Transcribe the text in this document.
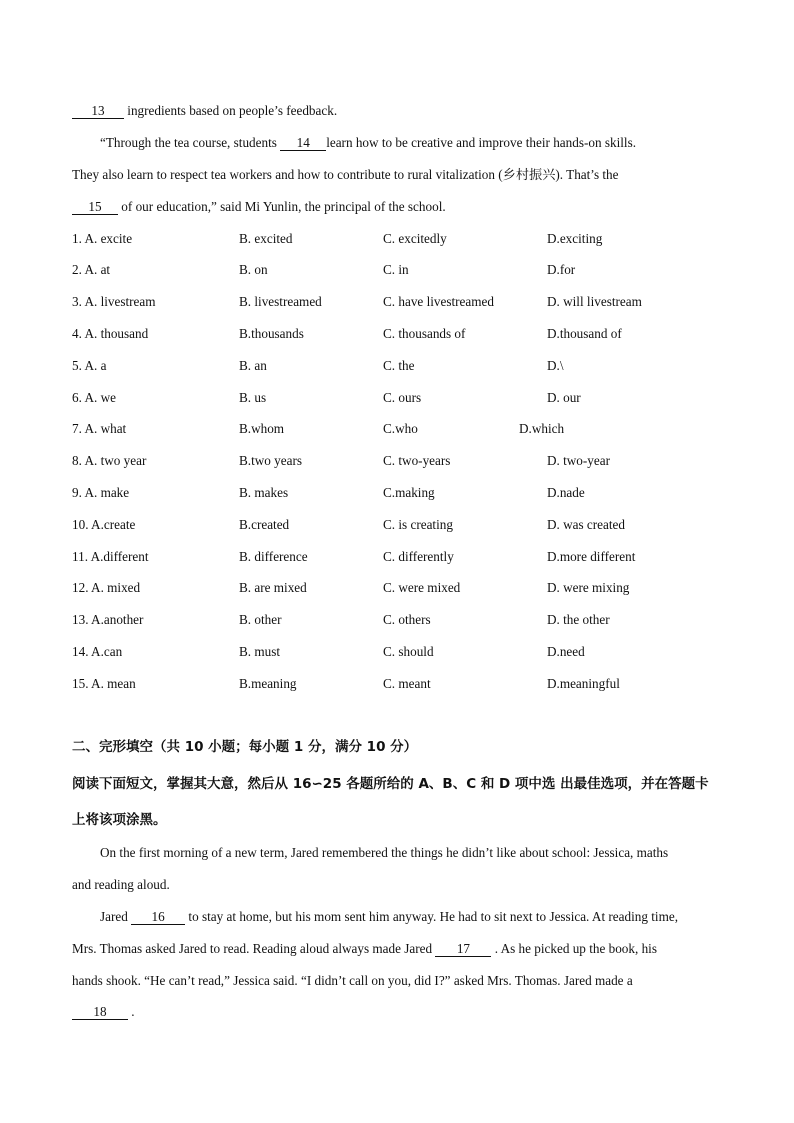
13 ingredients based on people’s feedback.
“Through the tea course, students 14 learn how to be creative and improve their hands-on skills.
They also learn to respect tea workers and how to contribute to rural vitalization (乡村振兴). That’s the
15 of our education,” said Mi Yunlin, the principal of the school.
1. A. excite	B. excited	C. excitedly	D.exciting
2. A. at	B. on	C. in	D.for
3. A. livestream	B. livestreamed	C. have livestreamed	D. will livestream
4. A. thousand	B.thousands	C. thousands of	D.thousand of
5. A. a	B. an	C. the	D.\
6. A. we	B. us	C. ours	D. our
7. A. what	B.whom	C.who	D.which
8. A. two year	B.two years	C. two-years	D. two-year
9. A. make	B. makes	C.making	D.nade
10. A.create	B.created	C. is creating	D. was created
11. A.different	B. difference	C. differently	D.more different
12. A. mixed	B. are mixed	C. were mixed	D. were mixing
13. A.another	B. other	C. others	D. the other
14. A.can	B. must	C. should	D.need
15. A. mean	B.meaning	C. meant	D.meaningful
二、完形填空（共 10 小题；每小题 1 分，满分 10 分）
阅读下面短文，掌握其大意，然后从 16∽25 各题所给的 A、B、C 和 D 项中选 出最佳选项，并在答题卡
上将该项涂黑。
On the first morning of a new term, Jared remembered the things he didn’t like about school: Jessica, maths
and reading aloud.
Jared 16 to stay at home, but his mom sent him anyway. He had to sit next to Jessica. At reading time,
Mrs. Thomas asked Jared to read. Reading aloud always made Jared 17 . As he picked up the book, his
hands shook. “He can’t read,” Jessica said. “I didn’t call on you, did I?” asked Mrs. Thomas. Jared made a
18 .
